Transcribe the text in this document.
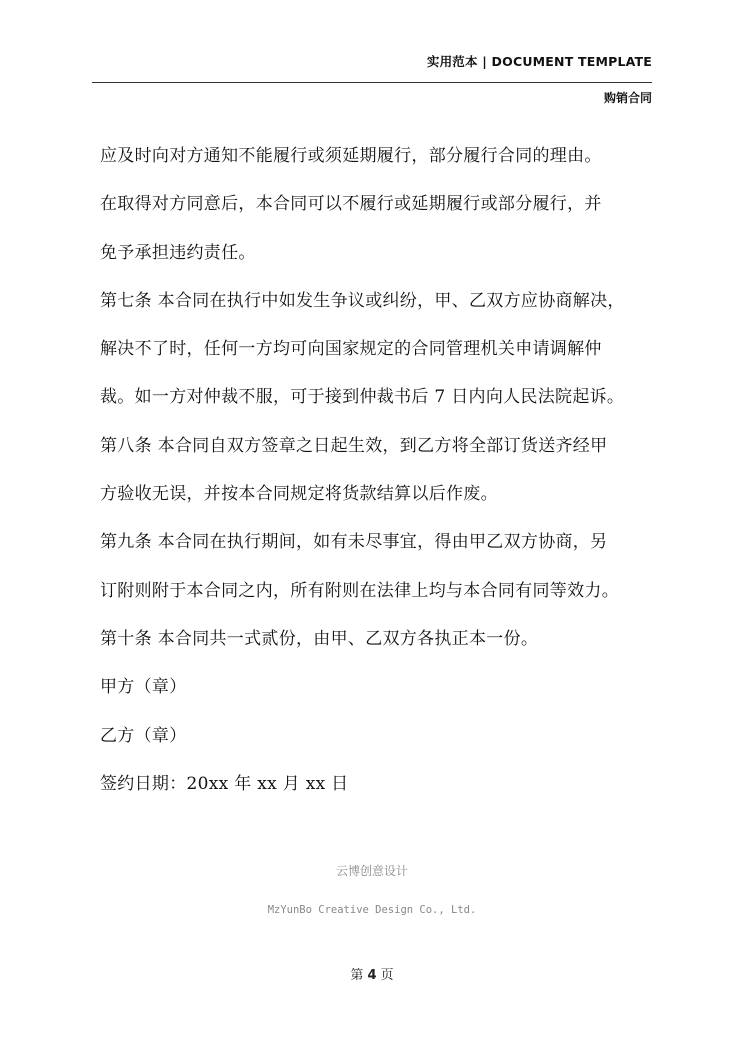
实用范本 | DOCUMENT TEMPLATE
购销合同

应及时向对方通知不能履行或须延期履行，部分履行合同的理由。

在取得对方同意后，本合同可以不履行或延期履行或部分履行，并

免予承担违约责任。

第七条 本合同在执行中如发生争议或纠纷，甲、乙双方应协商解决，

解决不了时，任何一方均可向国家规定的合同管理机关申请调解仲

裁。如一方对仲裁不服，可于接到仲裁书后 7 日内向人民法院起诉。

第八条 本合同自双方签章之日起生效，到乙方将全部订货送齐经甲

方验收无误，并按本合同规定将货款结算以后作废。

第九条 本合同在执行期间，如有未尽事宜，得由甲乙双方协商，另

订附则附于本合同之内，所有附则在法律上均与本合同有同等效力。

第十条 本合同共一式贰份，由甲、乙双方各执正本一份。

甲方（章）

乙方（章）

签约日期：20xx 年 xx 月 xx 日

云博创意设计
MzYunBo Creative Design Co., Ltd.
第 4 页
